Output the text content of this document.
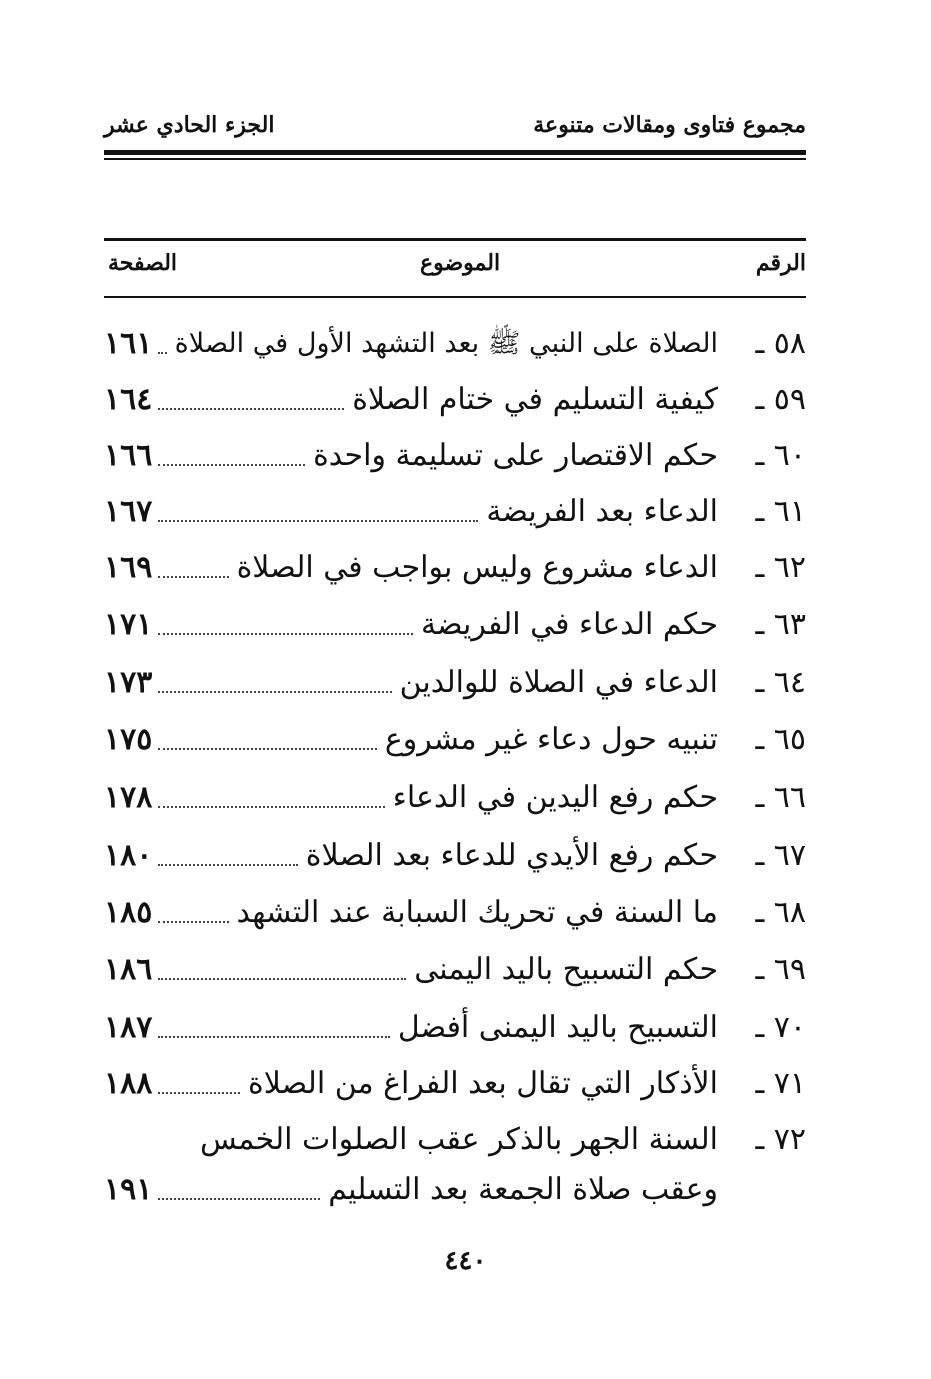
مجموع فتاوى ومقالات متنوعة
الجزء الحادي عشر
الرقم
الموضوع
الصفحة
٥٨ ـ
الصلاة على النبي ﷺ بعد التشهد الأول في الصلاة
١٦١
٥٩ ـ
كيفية التسليم في ختام الصلاة
١٦٤
٦٠ ـ
حكم الاقتصار على تسليمة واحدة
١٦٦
٦١ ـ
الدعاء بعد الفريضة
١٦٧
٦٢ ـ
الدعاء مشروع وليس بواجب في الصلاة
١٦٩
٦٣ ـ
حكم الدعاء في الفريضة
١٧١
٦٤ ـ
الدعاء في الصلاة للوالدين
١٧٣
٦٥ ـ
تنبيه حول دعاء غير مشروع
١٧٥
٦٦ ـ
حكم رفع اليدين في الدعاء
١٧٨
٦٧ ـ
حكم رفع الأيدي للدعاء بعد الصلاة
١٨٠
٦٨ ـ
ما السنة في تحريك السبابة عند التشهد
١٨٥
٦٩ ـ
حكم التسبيح باليد اليمنى
١٨٦
٧٠ ـ
التسبيح باليد اليمنى أفضل
١٨٧
٧١ ـ
الأذكار التي تقال بعد الفراغ من الصلاة
١٨٨
٧٢ ـ
السنة الجهر بالذكر عقب الصلوات الخمس
وعقب صلاة الجمعة بعد التسليم
١٩١
٤٤٠
